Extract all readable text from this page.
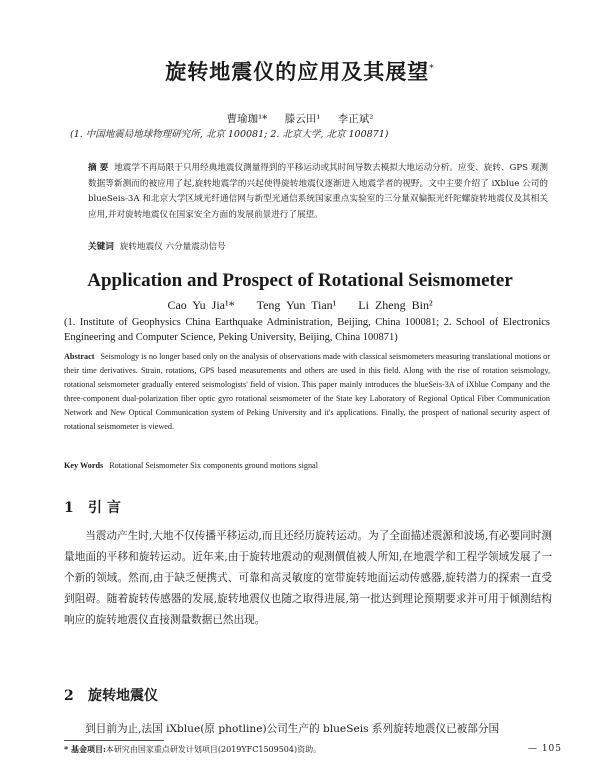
旋转地震仪的应用及其展望*
曹瑜珈¹* 滕云田¹ 李正斌²
(1. 中国地震局地球物理研究所, 北京 100081; 2. 北京大学, 北京 100871)
摘 要 地震学不再局限于只用经典地震仪测量得到的平移运动或其时间导数去模拟大地运动分析。应变、旋转、GPS 观测数据等新测而的被应用了起,旋转地震学的兴起使得旋转地震仪逐渐进入地震学者的视野。文中主要介绍了 iXblue 公司的 blueSeis-3A 和北京大学区域光纤通信网与新型光通信系统国家重点实验室的三分量双偏振光纤陀螺旋转地震仪及其相关应用,并对旋转地震仪在国家安全方面的发展前景进行了展望。
关键词 旋转地震仪 六分量震动信号
Application and Prospect of Rotational Seismometer
Cao Yu Jia¹* Teng Yun Tian¹ Li Zheng Bin²
(1. Institute of Geophysics China Earthquake Administration, Beijing, China 100081; 2. School of Electronics Engineering and Computer Science, Peking University, Beijing, China 100871)
Abstract Seismology is no longer based only on the analysis of observations made with classical seismometers measuring translational motions or their time derivatives. Strain, rotations, GPS based measurements and others are used in this field. Along with the rise of rotation seismology, rotational seismometer gradually entered seismologists' field of vision. This paper mainly introduces the blueSeis-3A of iXblue Company and the three-component dual-polarization fiber optic gyro rotational seismometer of the State key Laboratory of Regional Optical Fiber Communication Network and New Optical Communication system of Peking University and it's applications. Finally, the prospect of national security aspect of rotational seismometer is viewed.
Key Words Rotational Seismometer Six components ground motions signal
1 引 言
当震动产生时,大地不仅传播平移运动,而且还经历旋转运动。为了全面描述震源和波场,有必要同时测量地面的平移和旋转运动。近年来,由于旋转地震动的观测價值被人所知,在地震学和工程学领域发展了一个新的领域。然而,由于缺乏便携式、可靠和高灵敏度的宽带旋转地面运动传感器,旋转潜力的探索一直受到阻碍。随着旋转传感器的发展,旋转地震仪也随之取得进展,第一批达到理论预期要求并可用于倾测结构响应的旋转地震仪直接测量数据已然出现。
2 旋转地震仪
到目前为止,法国 iXblue(原 photline)公司生产的 blueSeis 系列旋转地震仪已被部分国
* 基金项目:本研究由国家重点研发计划项目(2019YFC1509504)资助。	— 105
